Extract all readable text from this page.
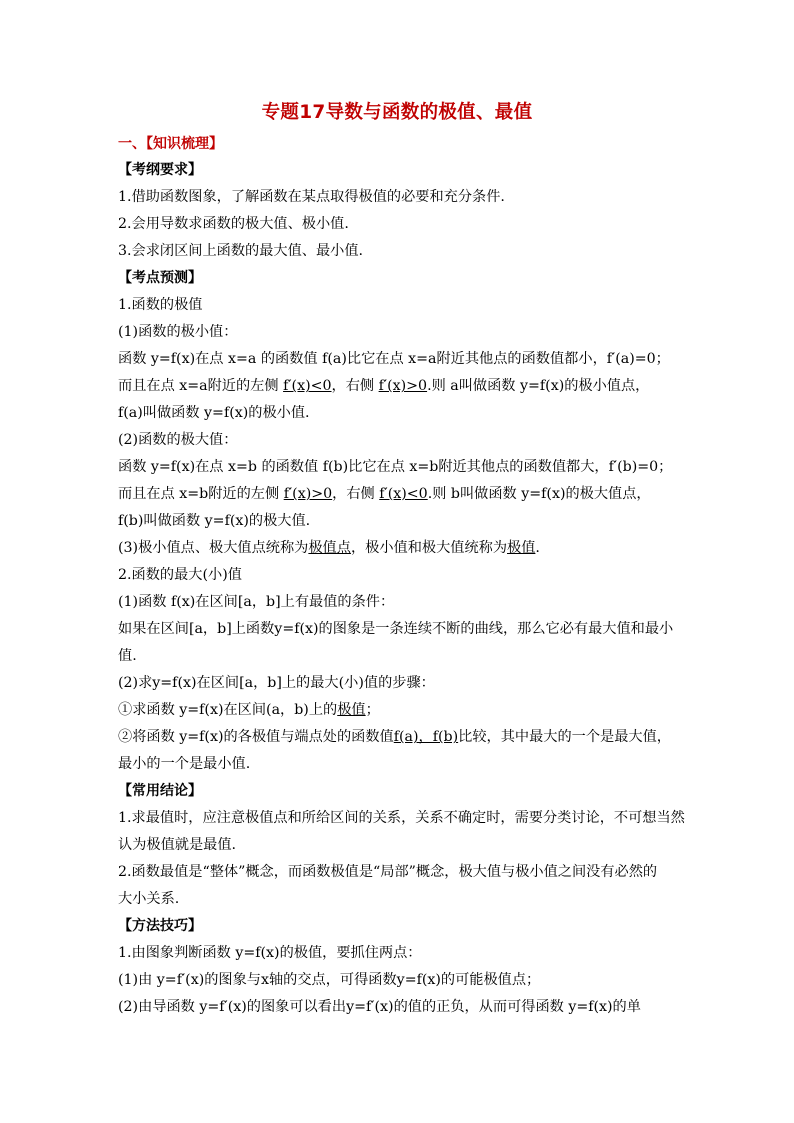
专题17导数与函数的极值、最值
一、【知识梳理】
【考纲要求】
1.借助函数图象，了解函数在某点取得极值的必要和充分条件.
2.会用导数求函数的极大值、极小值.
3.会求闭区间上函数的最大值、最小值.
【考点预测】
1.函数的极值
(1)函数的极小值：
函数 y=f(x)在点 x=a 的函数值 f(a)比它在点 x=a附近其他点的函数值都小，f′(a)=0；
而且在点 x=a附近的左侧 f′(x)<0，右侧 f′(x)>0.则 a叫做函数 y=f(x)的极小值点，
f(a)叫做函数 y=f(x)的极小值.
(2)函数的极大值：
函数 y=f(x)在点 x=b 的函数值 f(b)比它在点 x=b附近其他点的函数值都大，f′(b)=0；
而且在点 x=b附近的左侧 f′(x)>0，右侧 f′(x)<0.则 b叫做函数 y=f(x)的极大值点，
f(b)叫做函数 y=f(x)的极大值.
(3)极小值点、极大值点统称为极值点，极小值和极大值统称为极值.
2.函数的最大(小)值
(1)函数 f(x)在区间[a，b]上有最值的条件：
如果在区间[a，b]上函数y=f(x)的图象是一条连续不断的曲线，那么它必有最大值和最小
值.
(2)求y=f(x)在区间[a，b]上的最大(小)值的步骤：
①求函数 y=f(x)在区间(a，b)上的极值；
②将函数 y=f(x)的各极值与端点处的函数值f(a)，f(b)比较，其中最大的一个是最大值，
最小的一个是最小值.
【常用结论】
1.求最值时，应注意极值点和所给区间的关系，关系不确定时，需要分类讨论，不可想当然
认为极值就是最值.
2.函数最值是“整体”概念，而函数极值是“局部”概念，极大值与极小值之间没有必然的
大小关系.
【方法技巧】
1.由图象判断函数 y=f(x)的极值，要抓住两点：
(1)由 y=f′(x)的图象与x轴的交点，可得函数y=f(x)的可能极值点；
(2)由导函数 y=f′(x)的图象可以看出y=f′(x)的值的正负，从而可得函数 y=f(x)的单
